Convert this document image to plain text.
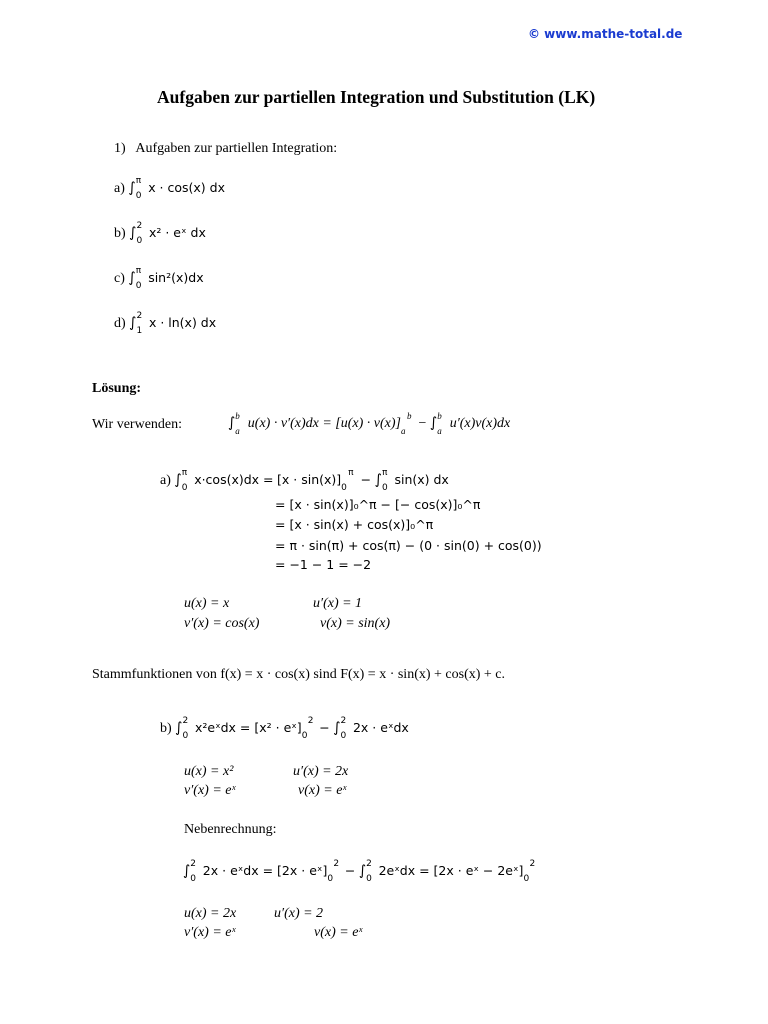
© www.mathe-total.de
Aufgaben zur partiellen Integration und Substitution (LK)
1) Aufgaben zur partiellen Integration:
a) ∫ π
0
x · cos(x) dx
b) ∫ 2
0
x² · eˣ dx
c) ∫ π
0
sin²(x)dx
d) ∫ 2
1
x · ln(x) dx
Lösung:
Wir verwenden:	∫ b
a u(x) · v′(x)dx = [u(x) · v(x)]
b
a − ∫ b
a u′(x)v(x)dx
a) ∫ π
0
x·cos(x)dx = [x · sin(x)] π
0
− ∫ π
0
sin(x) dx
= [x · sin(x)]₀^π − [− cos(x)]₀^π
= [x · sin(x) + cos(x)]₀^π
= π · sin(π) + cos(π) − (0 · sin(0) + cos(0))
= −1 − 1 = −2
u(x) = x	u′(x) = 1
v′(x) = cos(x)	v(x) = sin(x)
Stammfunktionen von f(x) = x · cos(x) sind F(x) = x · sin(x) + cos(x) + c.
b) ∫ 2
0
x²eˣdx = [x² · eˣ] 2
0
− ∫ 2
0
2x · eˣdx
u(x) = x²	u′(x) = 2x
v′(x) = eˣ	v(x) = eˣ
Nebenrechnung:
∫ 2
0
2x · eˣdx = [2x · eˣ] 2
0
− ∫ 2
0
2eˣdx = [2x · eˣ − 2eˣ] 2
0
u(x) = 2x	u′(x) = 2
v′(x) = eˣ	v(x) = eˣ
